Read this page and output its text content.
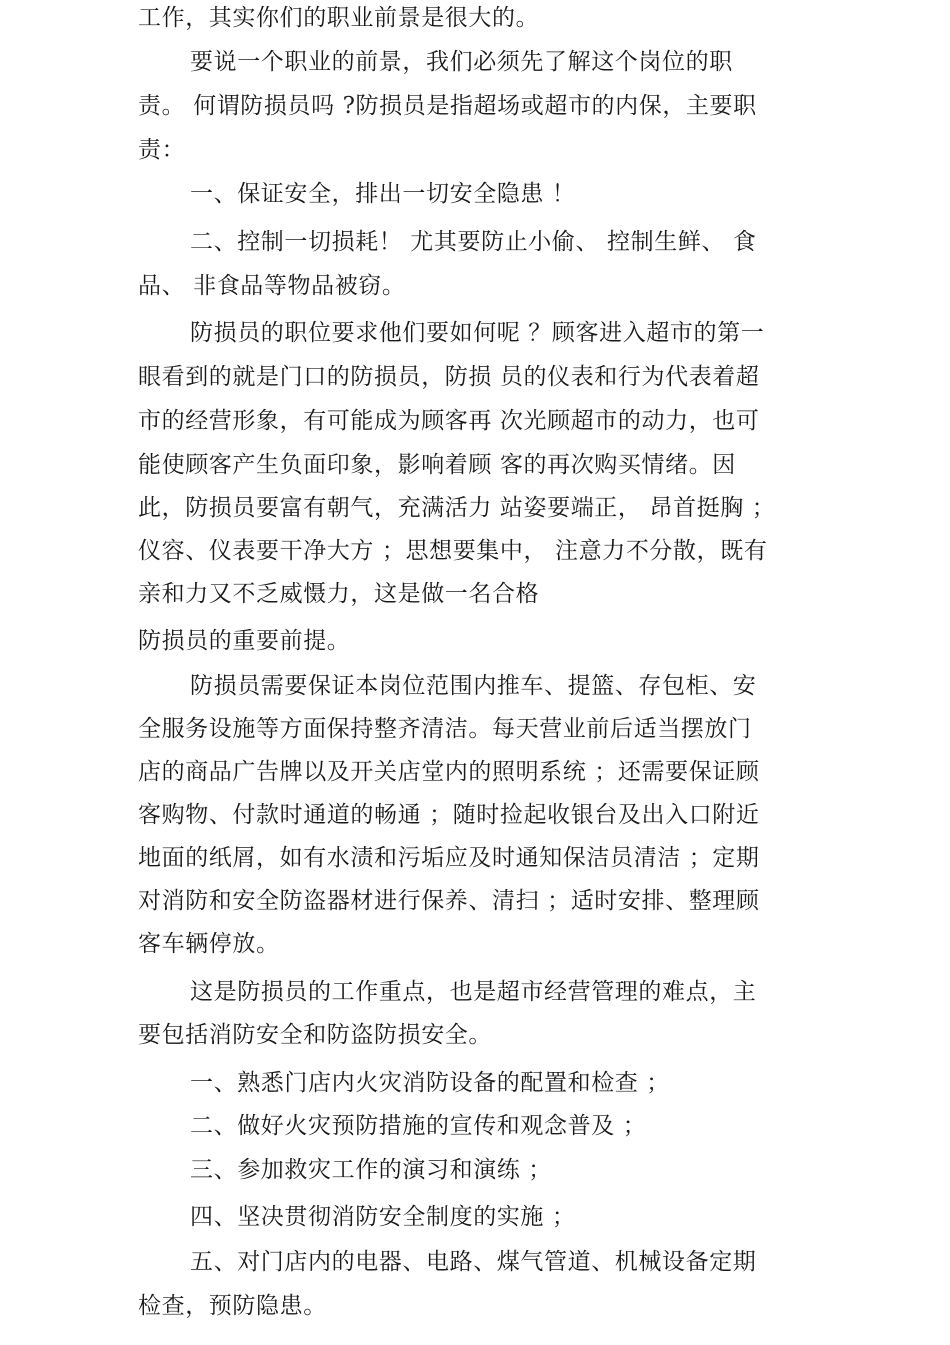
工作，其实你们的职业前景是很大的。
要说一个职业的前景，我们必须先了解这个岗位的职
责。 何谓防损员吗 ?防损员是指超场或超市的内保，主要职
责：
一、保证安全，排出一切安全隐患 ！
二、控制一切损耗！ 尤其要防止小偷、 控制生鲜、 食
品、 非食品等物品被窃。
防损员的职位要求他们要如何呢 ？顾客进入超市的第一
眼看到的就是门口的防损员，防损 员的仪表和行为代表着超
市的经营形象，有可能成为顾客再 次光顾超市的动力，也可
能使顾客产生负面印象，影响着顾 客的再次购买情绪。因
此，防损员要富有朝气，充满活力 站姿要端正， 昂首挺胸 ；
仪容、仪表要干净大方 ；思想要集中， 注意力不分散，既有
亲和力又不乏威慑力，这是做一名合格
防损员的重要前提。
防损员需要保证本岗位范围内推车、提篮、存包柜、安
全服务设施等方面保持整齐清洁。每天营业前后适当摆放门
店的商品广告牌以及开关店堂内的照明系统 ；还需要保证顾
客购物、付款时通道的畅通 ；随时捡起收银台及出入口附近
地面的纸屑，如有水渍和污垢应及时通知保洁员清洁 ；定期
对消防和安全防盗器材进行保养、清扫 ；适时安排、整理顾
客车辆停放。
这是防损员的工作重点，也是超市经营管理的难点，主
要包括消防安全和防盗防损安全。
一、熟悉门店内火灾消防设备的配置和检查 ；
二、做好火灾预防措施的宣传和观念普及 ；
三、参加救灾工作的演习和演练 ；
四、坚决贯彻消防安全制度的实施 ；
五、对门店内的电器、电路、煤气管道、机械设备定期
检查，预防隐患。
